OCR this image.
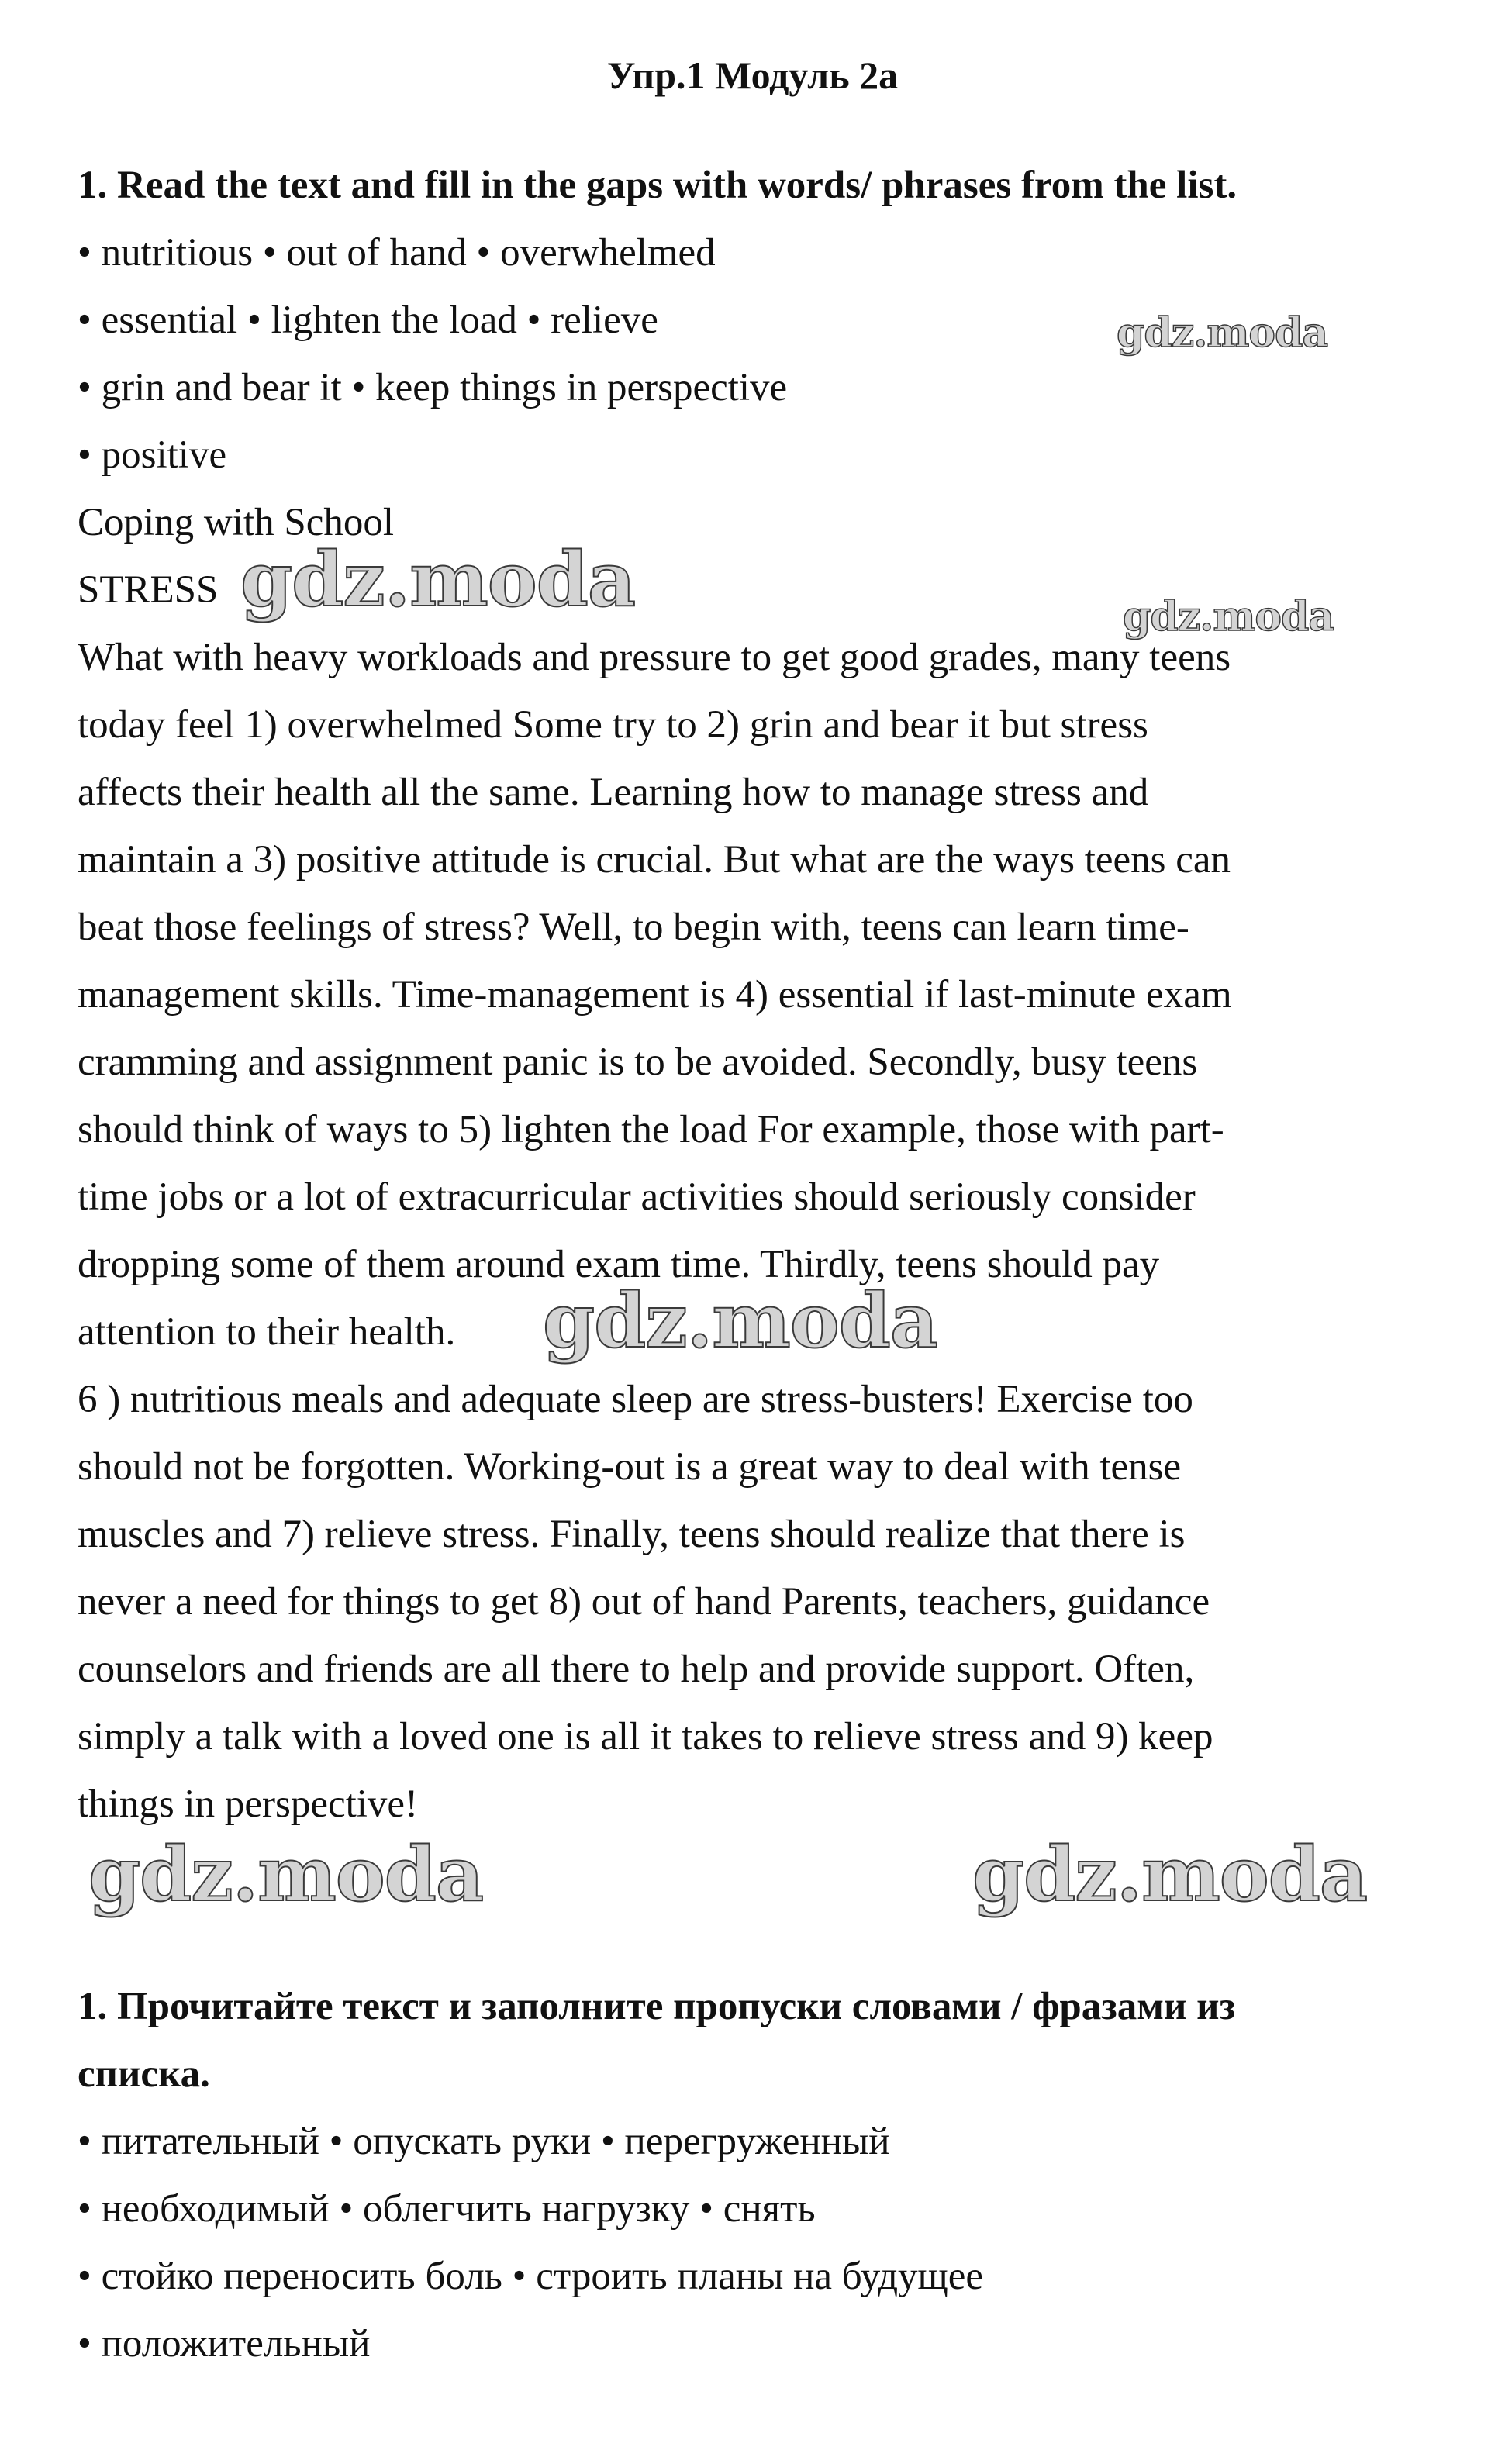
Упр.1 Модуль 2а
1. Read the text and fill in the gaps with words/ phrases from the list.
• nutritious • out of hand • overwhelmed
• essential • lighten the load • relieve
• grin and bear it • keep things in perspective
• positive
Coping with School
STRESS
What with heavy workloads and pressure to get good grades, many teens
today feel 1) overwhelmed Some try to 2) grin and bear it but stress
affects their health all the same. Learning how to manage stress and
maintain a 3) positive attitude is crucial. But what are the ways teens can
beat those feelings of stress? Well, to begin with, teens can learn time-
management skills. Time-management is 4) essential if last-minute exam
cramming and assignment panic is to be avoided. Secondly, busy teens
should think of ways to 5) lighten the load For example, those with part-
time jobs or a lot of extracurricular activities should seriously consider
dropping some of them around exam time. Thirdly, teens should pay
attention to their health.
6 ) nutritious meals and adequate sleep are stress-busters! Exercise too
should not be forgotten. Working-out is a great way to deal with tense
muscles and 7) relieve stress. Finally, teens should realize that there is
never a need for things to get 8) out of hand Parents, teachers, guidance
counselors and friends are all there to help and provide support. Often,
simply a talk with a loved one is all it takes to relieve stress and 9) keep
things in perspective!
1. Прочитайте текст и заполните пропуски словами / фразами из
списка.
• питательный • опускать руки • перегруженный
• необходимый • облегчить нагрузку • снять
• стойко переносить боль • строить планы на будущее
• положительный
gdz.moda
gdz.moda	gdz.moda
gdz.moda
gdz.moda	gdz.moda
